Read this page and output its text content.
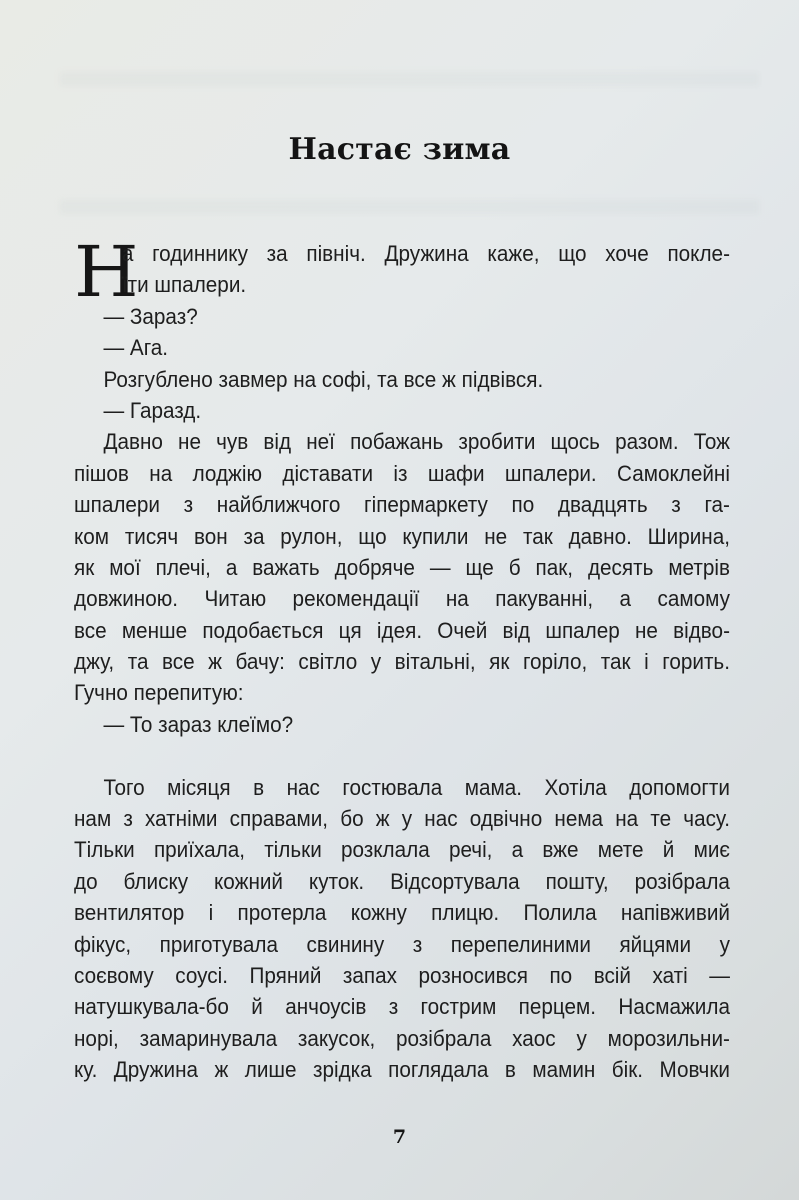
Настає зима
Н
а годиннику за північ. Дружина каже, що хоче покле-
їти шпалери.
— Зараз?
— Ага.
Розгублено завмер на софі, та все ж підвівся.
— Гаразд.
Давно не чув від неї побажань зробити щось разом. Тож
пішов на лоджію діставати із шафи шпалери. Самоклейні
шпалери з найближчого гіпермаркету по двадцять з га-
ком тисяч вон за рулон, що купили не так давно. Ширина,
як мої плечі, а важать добряче — ще б пак, десять метрів
довжиною. Читаю рекомендації на пакуванні, а самому
все менше подобається ця ідея. Очей від шпалер не відво-
джу, та все ж бачу: світло у вітальні, як горіло, так і горить.
Гучно перепитую:
— То зараз клеїмо?
Того місяця в нас гостювала мама. Хотіла допомогти
нам з хатніми справами, бо ж у нас одвічно нема на те часу.
Тільки приїхала, тільки розклала речі, а вже мете й миє
до блиску кожний куток. Відсортувала пошту, розібрала
вентилятор і протерла кожну плицю. Полила напівживий
фікус, приготувала свинину з перепелиними яйцями у
соєвому соусі. Пряний запах розносився по всій хаті —
натушкувала-бо й анчоусів з гострим перцем. Насмажила
норі, замаринувала закусок, розібрала хаос у морозильни-
ку. Дружина ж лише зрідка поглядала в мамин бік. Мовчки
7
